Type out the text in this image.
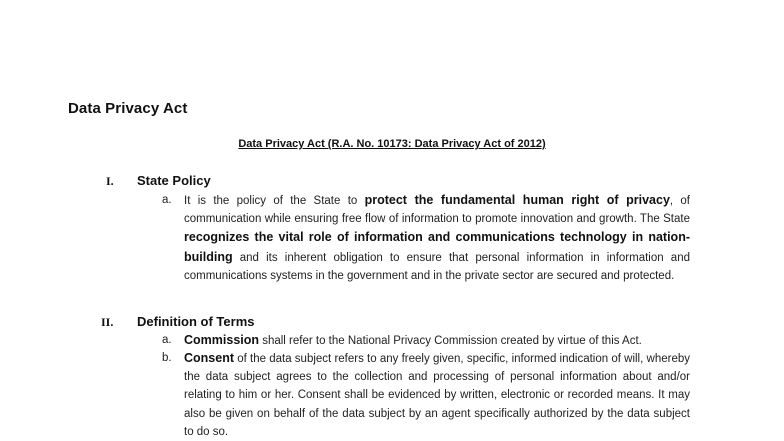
Data Privacy Act
Data Privacy Act (R.A. No. 10173: Data Privacy Act of 2012)
I. State Policy
a. It is the policy of the State to protect the fundamental human right of privacy, of communication while ensuring free flow of information to promote innovation and growth. The State recognizes the vital role of information and communications technology in nation-building and its inherent obligation to ensure that personal information in information and communications systems in the government and in the private sector are secured and protected.
II. Definition of Terms
a. Commission shall refer to the National Privacy Commission created by virtue of this Act.
b. Consent of the data subject refers to any freely given, specific, informed indication of will, whereby the data subject agrees to the collection and processing of personal information about and/or relating to him or her. Consent shall be evidenced by written, electronic or recorded means. It may also be given on behalf of the data subject by an agent specifically authorized by the data subject to do so.
